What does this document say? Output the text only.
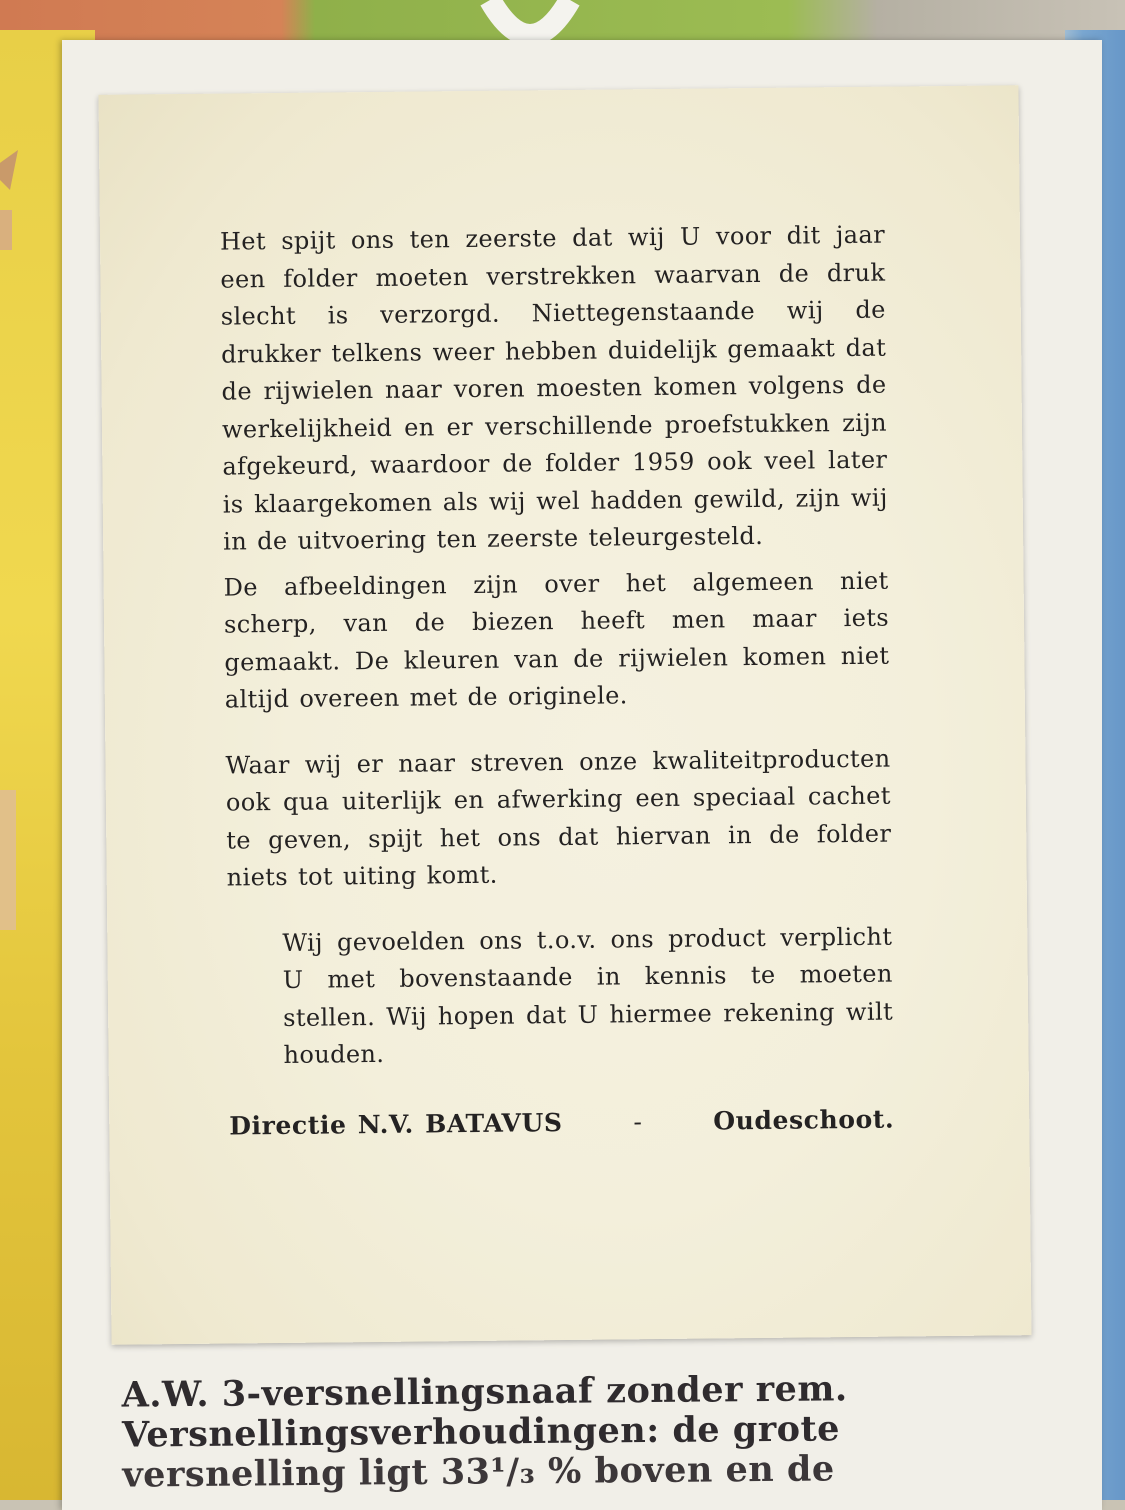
Het spijt ons ten zeerste dat wij U voor dit jaar een folder moeten verstrekken waarvan de druk slecht is verzorgd. Niettegenstaande wij de drukker telkens weer hebben duidelijk gemaakt dat de rijwielen naar voren moesten komen volgens de werkelijkheid en er verschillende proefstukken zijn afgekeurd, waardoor de folder 1959 ook veel later is klaargekomen als wij wel hadden gewild, zijn wij in de uitvoering ten zeerste teleurgesteld.

De afbeeldingen zijn over het algemeen niet scherp, van de biezen heeft men maar iets gemaakt. De kleuren van de rijwielen komen niet altijd overeen met de originele.

Waar wij er naar streven onze kwaliteitproducten ook qua uiterlijk en afwerking een speciaal cachet te geven, spijt het ons dat hiervan in de folder niets tot uiting komt.

Wij gevoelden ons t.o.v. ons product verplicht U met bovenstaande in kennis te moeten stellen. Wij hopen dat U hiermee rekening wilt houden.

Directie N.V. BATAVUS	-	Oudeschoot.
A.W. 3-versnellingsnaaf zonder rem.
Versnellingsverhoudingen: de grote
versnelling ligt 33¹/₃ % boven en de
